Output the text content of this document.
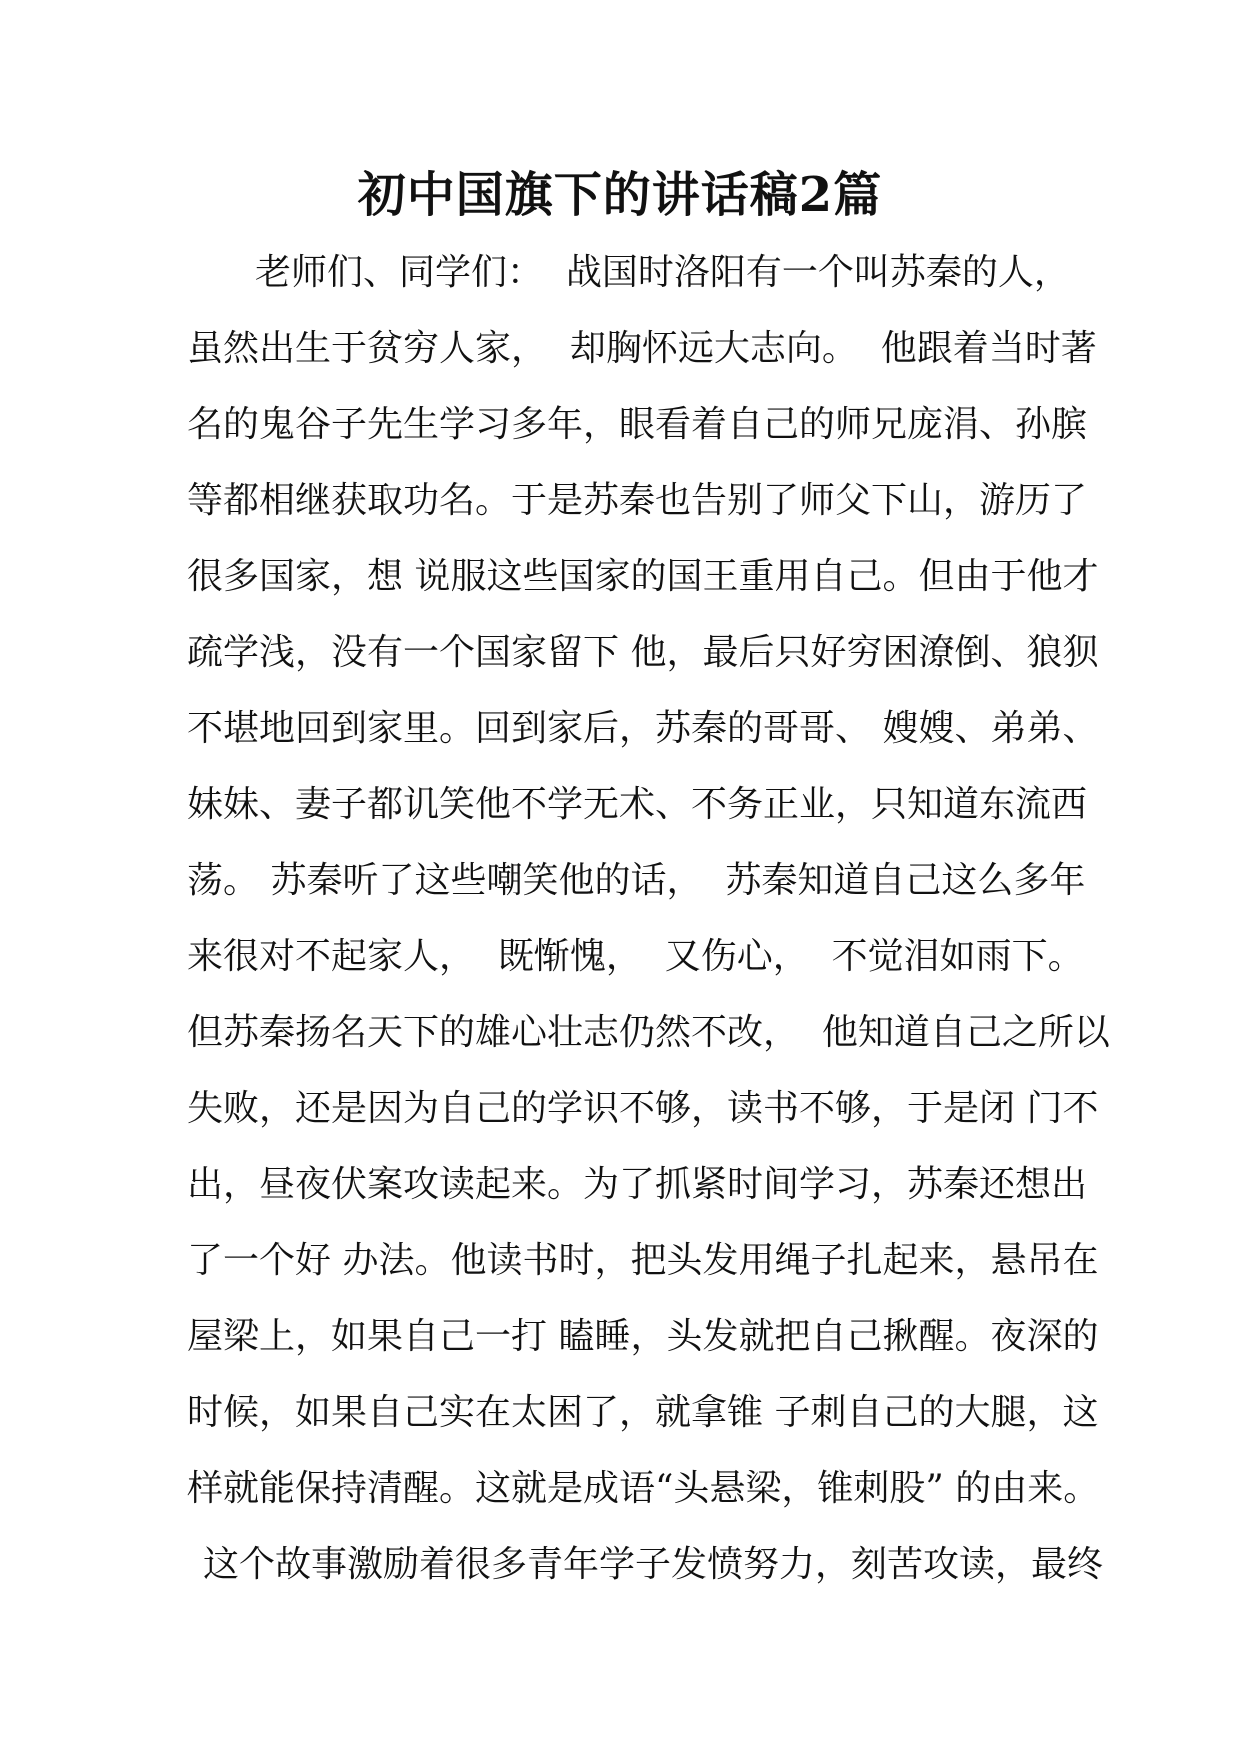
初中国旗下的讲话稿2篇
老师们、同学们：  战国时洛阳有一个叫苏秦的人，
虽然出生于贫穷人家，  却胸怀远大志向。  他跟着当时著
名的鬼谷子先生学习多年，眼看着自己的师兄庞涓、孙膑
等都相继获取功名。于是苏秦也告别了师父下山，游历了
很多国家，想 说服这些国家的国王重用自己。但由于他才
疏学浅，没有一个国家留下 他，最后只好穷困潦倒、狼狈
不堪地回到家里。回到家后，苏秦的哥哥、 嫂嫂、弟弟、
妹妹、妻子都讥笑他不学无术、不务正业，只知道东流西
荡。 苏秦听了这些嘲笑他的话，  苏秦知道自己这么多年
来很对不起家人，  既惭愧，  又伤心，  不觉泪如雨下。
但苏秦扬名天下的雄心壮志仍然不改，  他知道自己之所以
失败，还是因为自己的学识不够，读书不够，于是闭 门不
出，昼夜伏案攻读起来。为了抓紧时间学习，苏秦还想出
了一个好 办法。他读书时，把头发用绳子扎起来，悬吊在
屋梁上，如果自己一打 瞌睡，头发就把自己揪醒。夜深的
时候，如果自己实在太困了，就拿锥 子刺自己的大腿，这
样就能保持清醒。这就是成语“头悬梁，锥刺股” 的由来。
这个故事激励着很多青年学子发愤努力，刻苦攻读，最终
